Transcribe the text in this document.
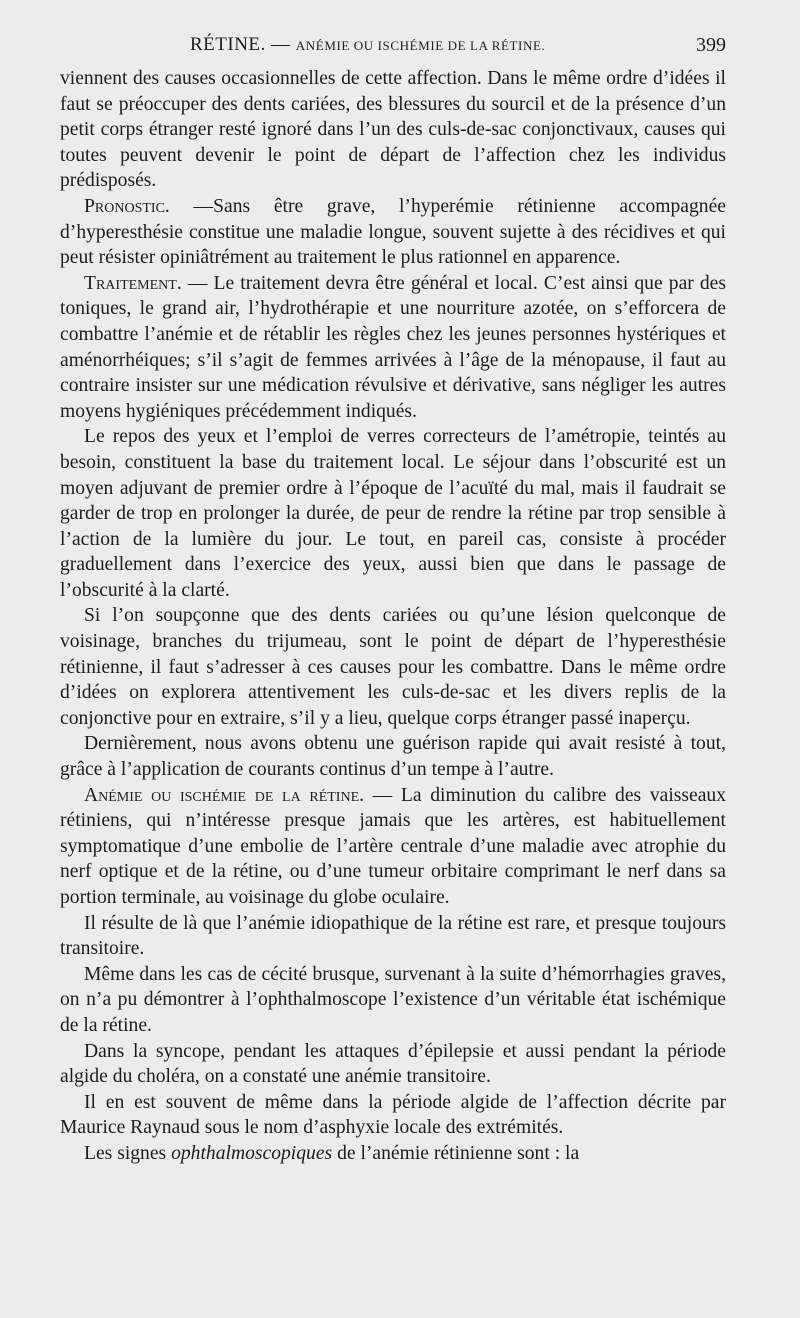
RÉTINE. — ANÉMIE OU ISCHÉMIE DE LA RÉTINE.	399

viennent des causes occasionnelles de cette affection. Dans le même ordre d’idées il faut se préoccuper des dents cariées, des blessures du sourcil et de la présence d’un petit corps étranger resté ignoré dans l’un des culs-de-sac conjonctivaux, causes qui toutes peuvent devenir le point de départ de l’affection chez les individus prédisposés.

Pronostic. —Sans être grave, l’hyperémie rétinienne accompagnée d’hyperesthésie constitue une maladie longue, souvent sujette à des récidives et qui peut résister opiniâtrément au traitement le plus rationnel en apparence.

Traitement. — Le traitement devra être général et local. C’est ainsi que par des toniques, le grand air, l’hydrothérapie et une nourriture azotée, on s’efforcera de combattre l’anémie et de rétablir les règles chez les jeunes personnes hystériques et aménorrhéiques; s’il s’agit de femmes arrivées à l’âge de la ménopause, il faut au contraire insister sur une médication révulsive et dérivative, sans négliger les autres moyens hygiéniques précédemment indiqués.

Le repos des yeux et l’emploi de verres correcteurs de l’amétropie, teintés au besoin, constituent la base du traitement local. Le séjour dans l’obscurité est un moyen adjuvant de premier ordre à l’époque de l’acuïté du mal, mais il faudrait se garder de trop en prolonger la durée, de peur de rendre la rétine par trop sensible à l’action de la lumière du jour. Le tout, en pareil cas, consiste à procéder graduellement dans l’exercice des yeux, aussi bien que dans le passage de l’obscurité à la clarté.

Si l’on soupçonne que des dents cariées ou qu’une lésion quelconque de voisinage, branches du trijumeau, sont le point de départ de l’hyperesthésie rétinienne, il faut s’adresser à ces causes pour les combattre. Dans le même ordre d’idées on explorera attentivement les culs-de-sac et les divers replis de la conjonctive pour en extraire, s’il y a lieu, quelque corps étranger passé inaperçu.

Dernièrement, nous avons obtenu une guérison rapide qui avait resisté à tout, grâce à l’application de courants continus d’un tempe à l’autre.

Anémie ou ischémie de la rétine. — La diminution du calibre des vaisseaux rétiniens, qui n’intéresse presque jamais que les artères, est habituellement symptomatique d’une embolie de l’artère centrale d’une maladie avec atrophie du nerf optique et de la rétine, ou d’une tumeur orbitaire comprimant le nerf dans sa portion terminale, au voisinage du globe oculaire.

Il résulte de là que l’anémie idiopathique de la rétine est rare, et presque toujours transitoire.

Même dans les cas de cécité brusque, survenant à la suite d’hémorrhagies graves, on n’a pu démontrer à l’ophthalmoscope l’existence d’un véritable état ischémique de la rétine.

Dans la syncope, pendant les attaques d’épilepsie et aussi pendant la période algide du choléra, on a constaté une anémie transitoire.

Il en est souvent de même dans la période algide de l’affection décrite par Maurice Raynaud sous le nom d’asphyxie locale des extrémités.

Les signes ophthalmoscopiques de l’anémie rétinienne sont : la
